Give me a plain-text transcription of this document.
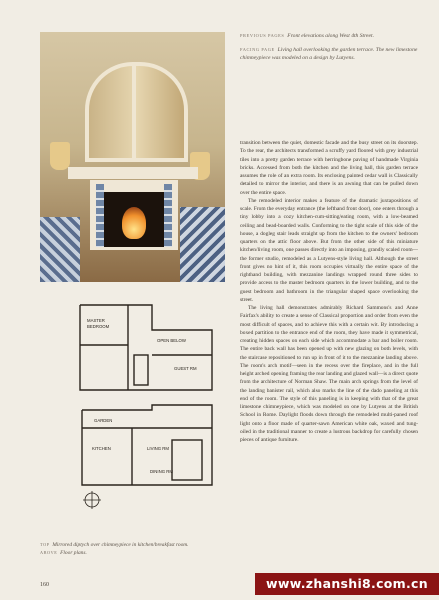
MASTER
BEDROOM
OPEN BELOW
GUEST RM
GARDEN
KITCHEN	LIVING RM
DINING RM

PREVIOUS PAGES Front elevations along West 4th Street.

FACING PAGE Living hall overlooking the garden terrace. The new limestone chimneypiece was modeled on a design by Lutyens.

transition between the quiet, domestic facade and the busy street on its doorstep. To the rear, the architects transformed a scruffy yard floored with grey industrial tiles into a pretty garden terrace with herringbone paving of handmade Virginia bricks. Accessed from both the kitchen and the living hall, this garden terrace assumes the role of an extra room. Its enclosing painted cedar wall is Classically detailed to mirror the interior, and there is an awning that can be pulled down over the entire space.

The remodeled interior makes a feature of the dramatic juxtapositions of scale. From the everyday entrance (the lefthand front door), one enters through a tiny lobby into a cozy kitchen-cum-sitting/eating room, with a low-beamed ceiling and bead-boarded walls. Conforming to the tight scale of this side of the house, a dogleg stair leads straight up from the kitchen to the owners' bedroom quarters on the attic floor above. But from the other side of this miniature kitchen/living room, one passes directly into an imposing, grandly scaled room—the former studio, remodeled as a Lutyens-style living hall. Although the street front gives no hint of it, this room occupies virtually the entire space of the righthand building, with mezzanine landings wrapped round three sides to provide access to the master bedroom quarters in the lower building, and to the guest bedroom and bathroom in the triangular shaped space overlooking the street.

The living hall demonstrates admirably Richard Sammons's and Anne Fairfax's ability to create a sense of Classical proportion and order from even the most difficult of spaces, and to achieve this with a certain wit. By introducing a boxed partition to the entrance end of the room, they have made it symmetrical, creating hidden spaces on each side which accommodate a bar and boiler room. The entire back wall has been opened up with new glazing on both levels, with the staircase repositioned to run up in front of it to the mezzanine landing above. The room's arch motif—seen in the recess over the fireplace, and in the full height arched opening framing the rear landing and glazed wall—is a direct quote from the architecture of Norman Shaw. The main arch springs from the level of the landing banister rail, which also marks the line of the dado paneling at this end of the room. The style of this paneling is in keeping with that of the great limestone chimneypiece, which was modeled on one by Lutyens at the British School in Rome. Daylight floods down through the remodeled multi-paned roof light onto a floor made of quarter-sawn American white oak, waxed and tung-oiled in the traditional manner to create a lustrous backdrop for carefully chosen pieces of antique furniture.

TOP Mirrored diptych over chimneypiece in kitchen/breakfast room.

ABOVE Floor plans.

160	www.zhanshi8.com.cn
